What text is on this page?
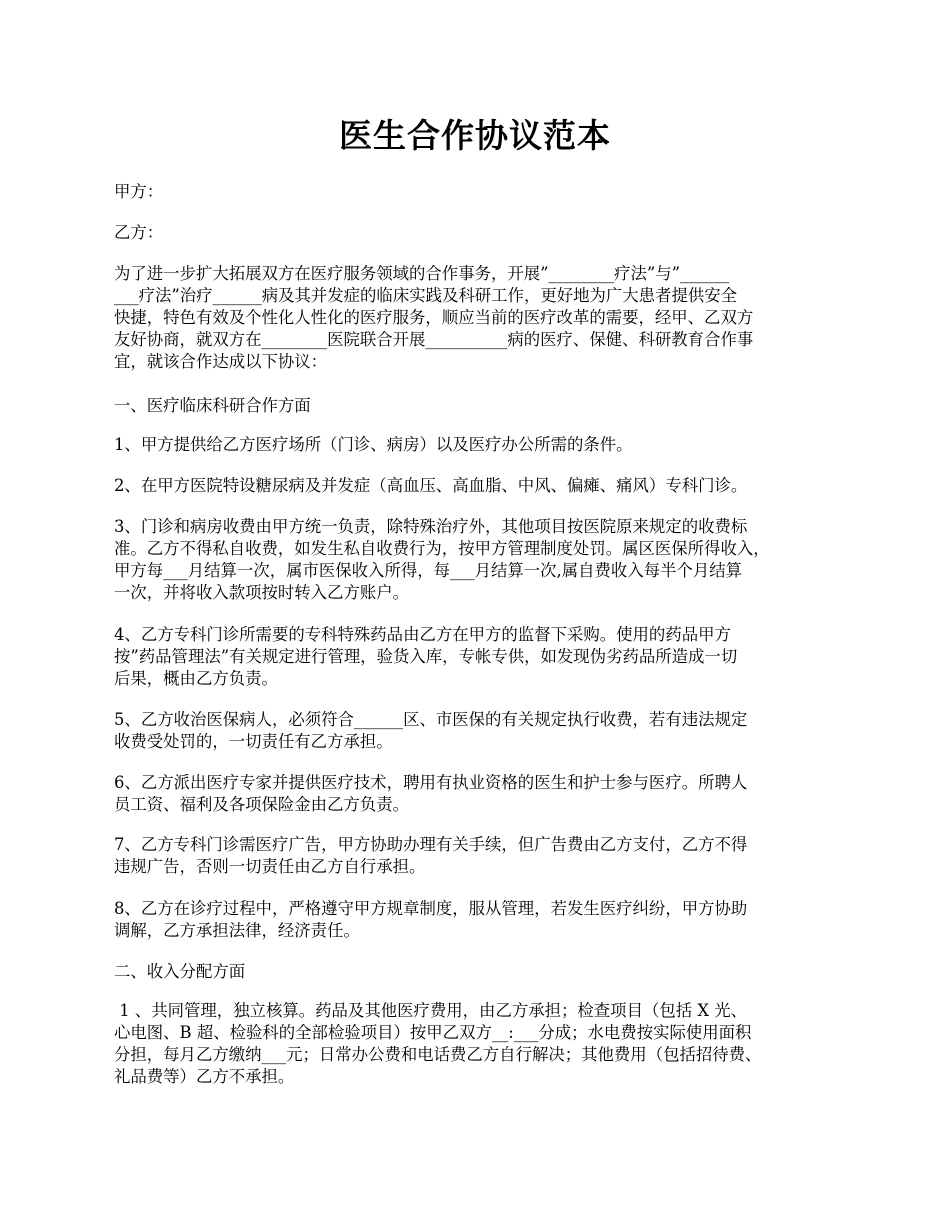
医生合作协议范本
甲方：
乙方：
为了进一步扩大拓展双方在医疗服务领域的合作事务，开展”________疗法”与”______
___疗法”治疗______病及其并发症的临床实践及科研工作，更好地为广大患者提供安全
快捷，特色有效及个性化人性化的医疗服务，顺应当前的医疗改革的需要，经甲、乙双方
友好协商，就双方在________医院联合开展__________病的医疗、保健、科研教育合作事
宜，就该合作达成以下协议：
一、医疗临床科研合作方面
1、甲方提供给乙方医疗场所（门诊、病房）以及医疗办公所需的条件。
2、在甲方医院特设糖尿病及并发症（高血压、高血脂、中风、偏瘫、痛风）专科门诊。
3、门诊和病房收费由甲方统一负责，除特殊治疗外，其他项目按医院原来规定的收费标
准。乙方不得私自收费，如发生私自收费行为，按甲方管理制度处罚。属区医保所得收入，
甲方每___月结算一次，属市医保收入所得，每___月结算一次,属自费收入每半个月结算
一次，并将收入款项按时转入乙方账户。
4、乙方专科门诊所需要的专科特殊药品由乙方在甲方的监督下采购。使用的药品甲方
按”药品管理法”有关规定进行管理，验货入库，专帐专供，如发现伪劣药品所造成一切
后果，概由乙方负责。
5、乙方收治医保病人，必须符合______区、市医保的有关规定执行收费，若有违法规定
收费受处罚的，一切责任有乙方承担。
6、乙方派出医疗专家并提供医疗技术，聘用有执业资格的医生和护士参与医疗。所聘人
员工资、福利及各项保险金由乙方负责。
7、乙方专科门诊需医疗广告，甲方协助办理有关手续，但广告费由乙方支付，乙方不得
违规广告，否则一切责任由乙方自行承担。
8、乙方在诊疗过程中，严格遵守甲方规章制度，服从管理，若发生医疗纠纷，甲方协助
调解，乙方承担法律，经济责任。
二、收入分配方面
1 、共同管理，独立核算。药品及其他医疗费用，由乙方承担；检查项目（包括 X 光、
心电图、B 超、检验科的全部检验项目）按甲乙双方__:___分成；水电费按实际使用面积
分担，每月乙方缴纳___元；日常办公费和电话费乙方自行解决；其他费用（包括招待费、
礼品费等）乙方不承担。
